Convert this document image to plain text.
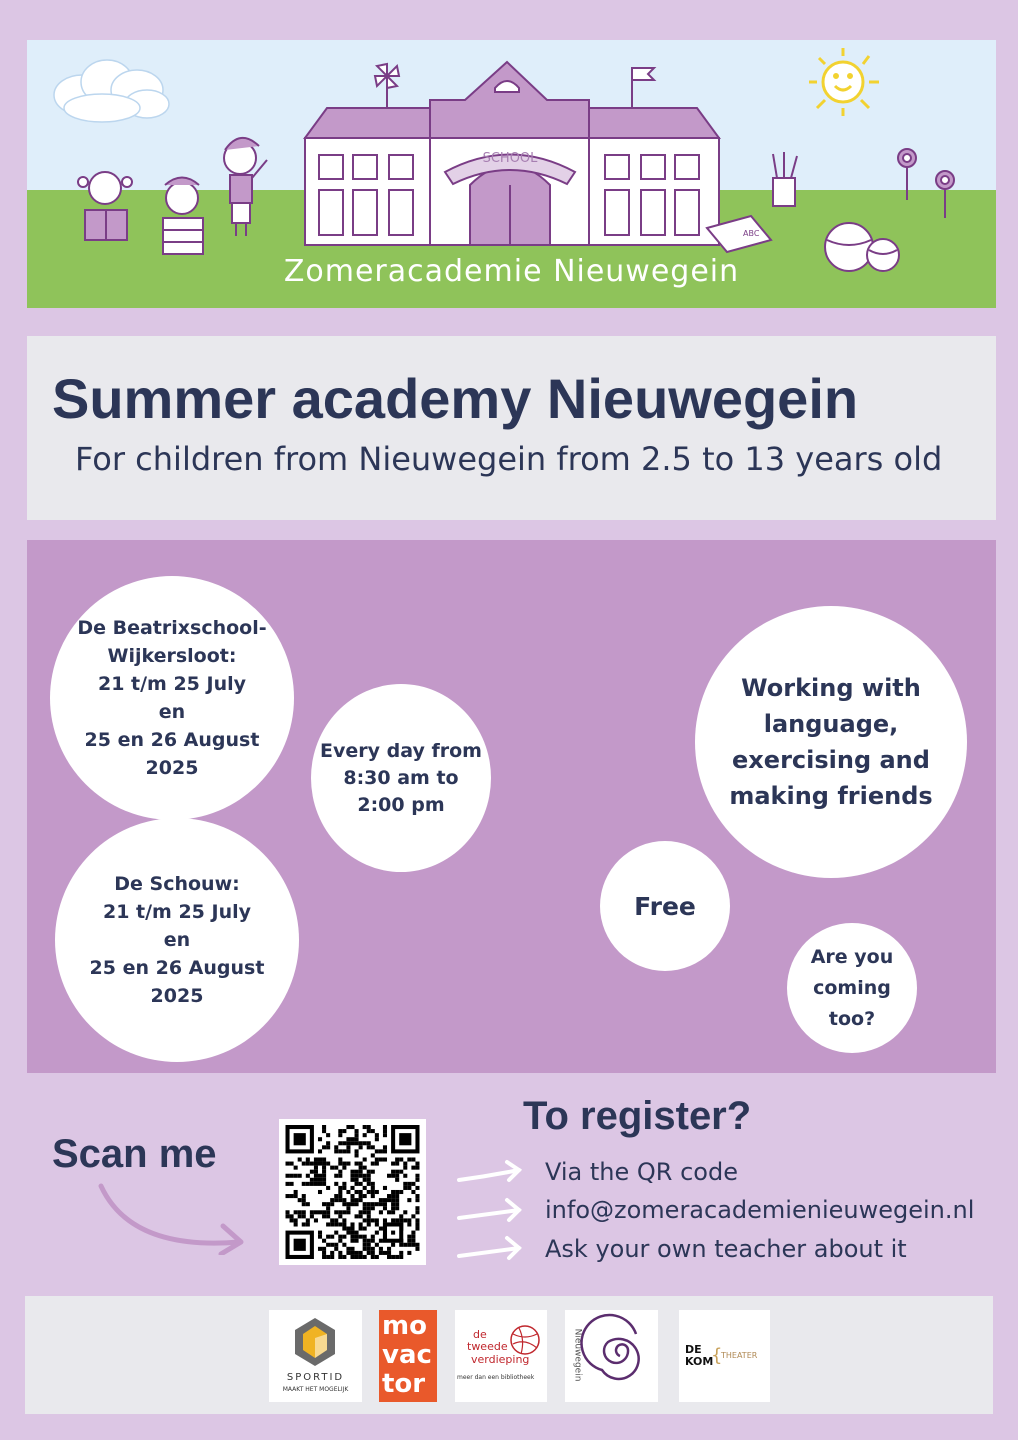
SCHOOL
ABC
Zomeracademie Nieuwegein
Summer academy Nieuwegein
For children from Nieuwegein from 2.5 to 13 years old
De Beatrixschool-
Wijkersloot:
21 t/m 25 July
en
25 en 26 August
2025
Every day from
8:30 am to
2:00 pm
De Schouw:
21 t/m 25 July
en
25 en 26 August
2025
Working with
language,
exercising and
making friends
Free
Are you
coming
too?
Scan me
To register?
Via the QR code
info@zomeracademienieuwegein.nl
Ask your own teacher about it
SPORTID
MAAKT HET MOGELIJK
mo
vac
tor
de
tweede
verdieping
meer dan een bibliotheek	Nieuwegein	DE
KOM
{
THEATER
